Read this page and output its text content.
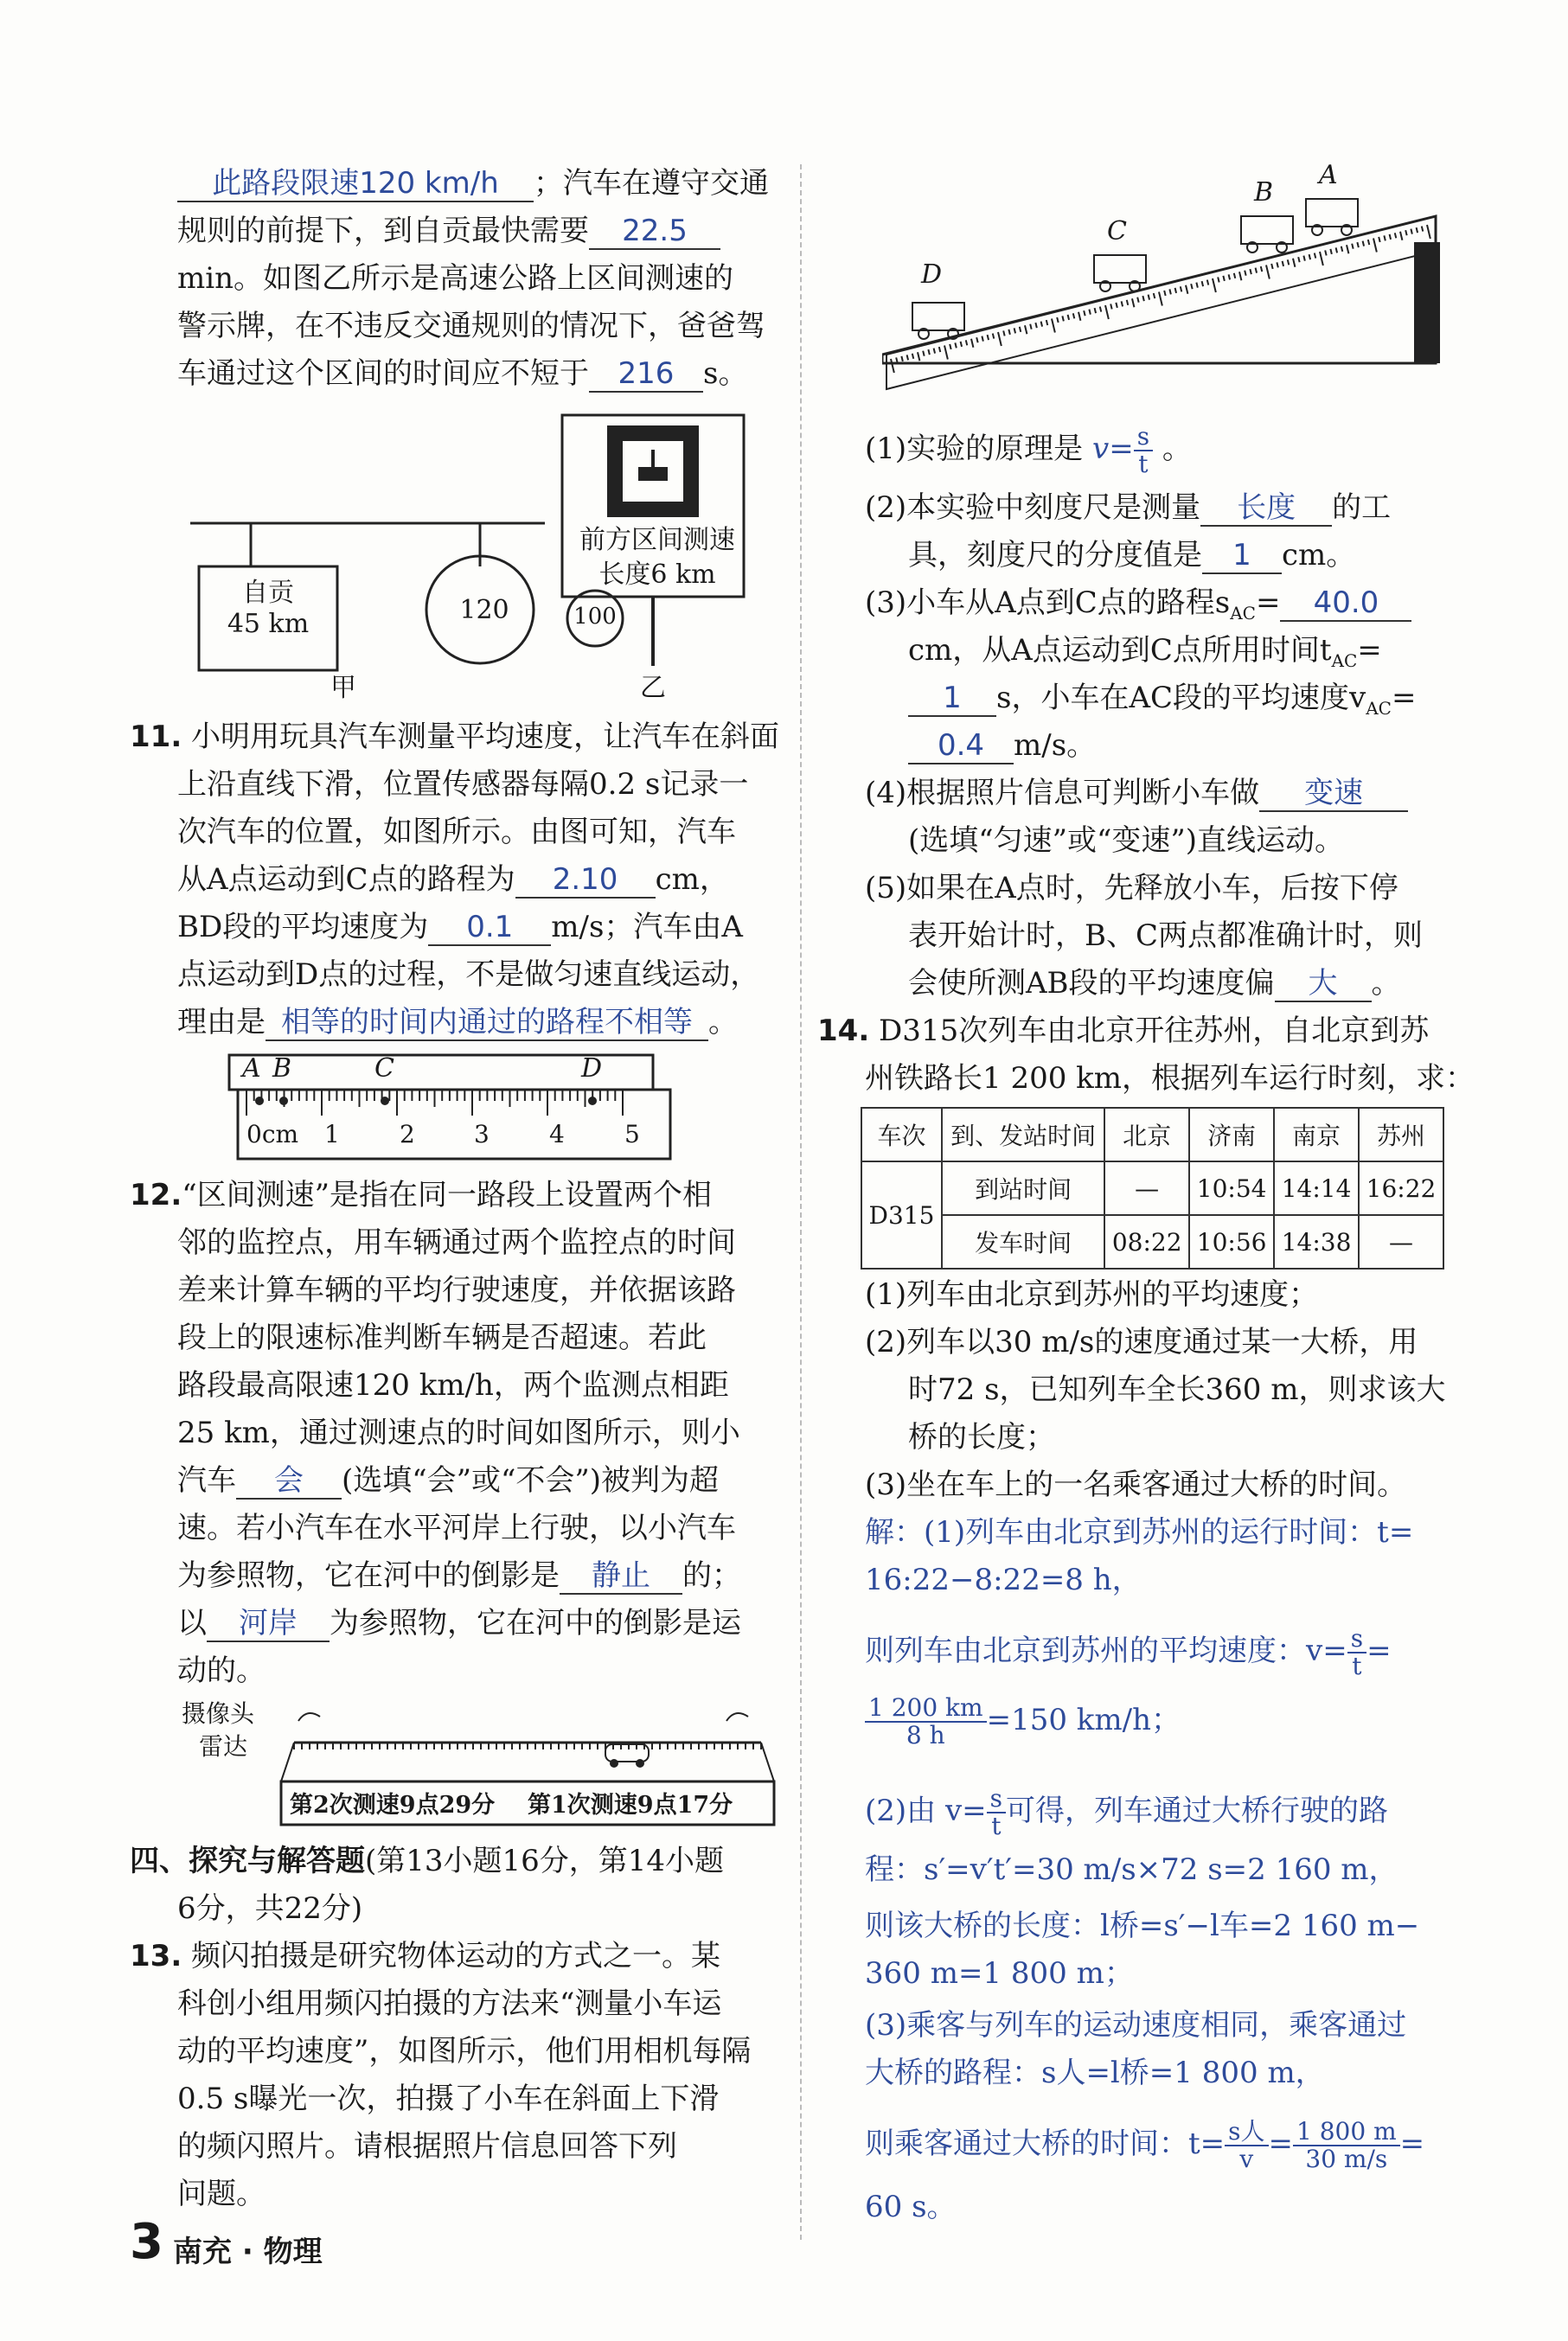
此路段限速120 km/h ；汽车在遵守交通
规则的前提下，到自贡最快需要 22.5
min。如图乙所示是高速公路上区间测速的
警示牌，在不违反交通规则的情况下，爸爸驾
车通过这个区间的时间应不短于 216 s。
自贡
45 km	120
甲
前方区间测速
长度6 km
100
乙
11. 小明用玩具汽车测量平均速度，让汽车在斜面
上沿直线下滑，位置传感器每隔0.2 s记录一
次汽车的位置，如图所示。由图可知，汽车
从A点运动到C点的路程为 2.10 cm，
BD段的平均速度为 0.1 m/s；汽车由A
点运动到D点的过程，不是做匀速直线运动，
理由是 相等的时间内通过的路程不相等 。
A B	C	D
0cm 1 2 3 4 5
12.“区间测速”是指在同一路段上设置两个相
邻的监控点，用车辆通过两个监控点的时间
差来计算车辆的平均行驶速度，并依据该路
段上的限速标准判断车辆是否超速。若此
路段最高限速120 km/h，两个监测点相距
25 km，通过测速点的时间如图所示，则小
汽车 会 (选填“会”或“不会”)被判为超
速。若小汽车在水平河岸上行驶，以小汽车
为参照物，它在河中的倒影是 静止 的；
以 河岸 为参照物，它在河中的倒影是运
动的。
摄像头
雷达
第2次测速9点29分 第1次测速9点17分
四、探究与解答题(第13小题16分，第14小题
6分，共22分)
13. 频闪拍摄是研究物体运动的方式之一。某
科创小组用频闪拍摄的方法来“测量小车运
动的平均速度”，如图所示，他们用相机每隔
0.5 s曝光一次，拍摄了小车在斜面上下滑
的频闪照片。请根据照片信息回答下列
问题。
D
C
B
A
(1)实验的原理是 $v= \frac{s}{t}$ 。
(2)本实验中刻度尺是测量 长度 的工
具，刻度尺的分度值是 1 cm。
(3)小车从A点到C点的路程$s_{AC}= 40.0$
cm，从A点运动到C点所用时间$t_{AC}=$
1 s，小车在AC段的平均速度$v_{AC}=$
0.4 m/s。
(4)根据照片信息可判断小车做 变速
(选填“匀速”或“变速”)直线运动。
(5)如果在A点时，先释放小车，后按下停
表开始计时，B、C两点都准确计时，则
会使所测AB段的平均速度偏 大 。
14. D315次列车由北京开往苏州，自北京到苏
州铁路长1 200 km，根据列车运行时刻，求：
车次	到、发站时间	北京	济南	南京	苏州
D315	到站时间	—	10:54	14:14	16:22
	发车时间	08:22	10:56	14:38	—
(1)列车由北京到苏州的平均速度；
(2)列车以30 m/s的速度通过某一大桥，用
时72 s，已知列车全长360 m，则求该大
桥的长度；
(3)坐在车上的一名乘客通过大桥的时间。
解：(1)列车由北京到苏州的运行时间：t=
16:22−8:22=8 h，
则列车由北京到苏州的平均速度：$v= \frac{s}{t}$ =
$\frac{1 200 km}{8 h} =150$ km/h；
(2)由 $v= \frac{s}{t}$ 可得，列车通过大桥行驶的路
程：s′=v′t′=30 m/s×72 s=2 160 m，
则该大桥的长度：l桥=s′−l车=2 160 m−
360 m=1 800 m；
(3)乘客与列车的运动速度相同，乘客通过
大桥的路程：s人=l桥=1 800 m，
则乘客通过大桥的时间：$t= \frac{\text{s人}}{v} = \frac{1 800 m}{30 m/s}$ =
60 s。
3 南充 · 物理
